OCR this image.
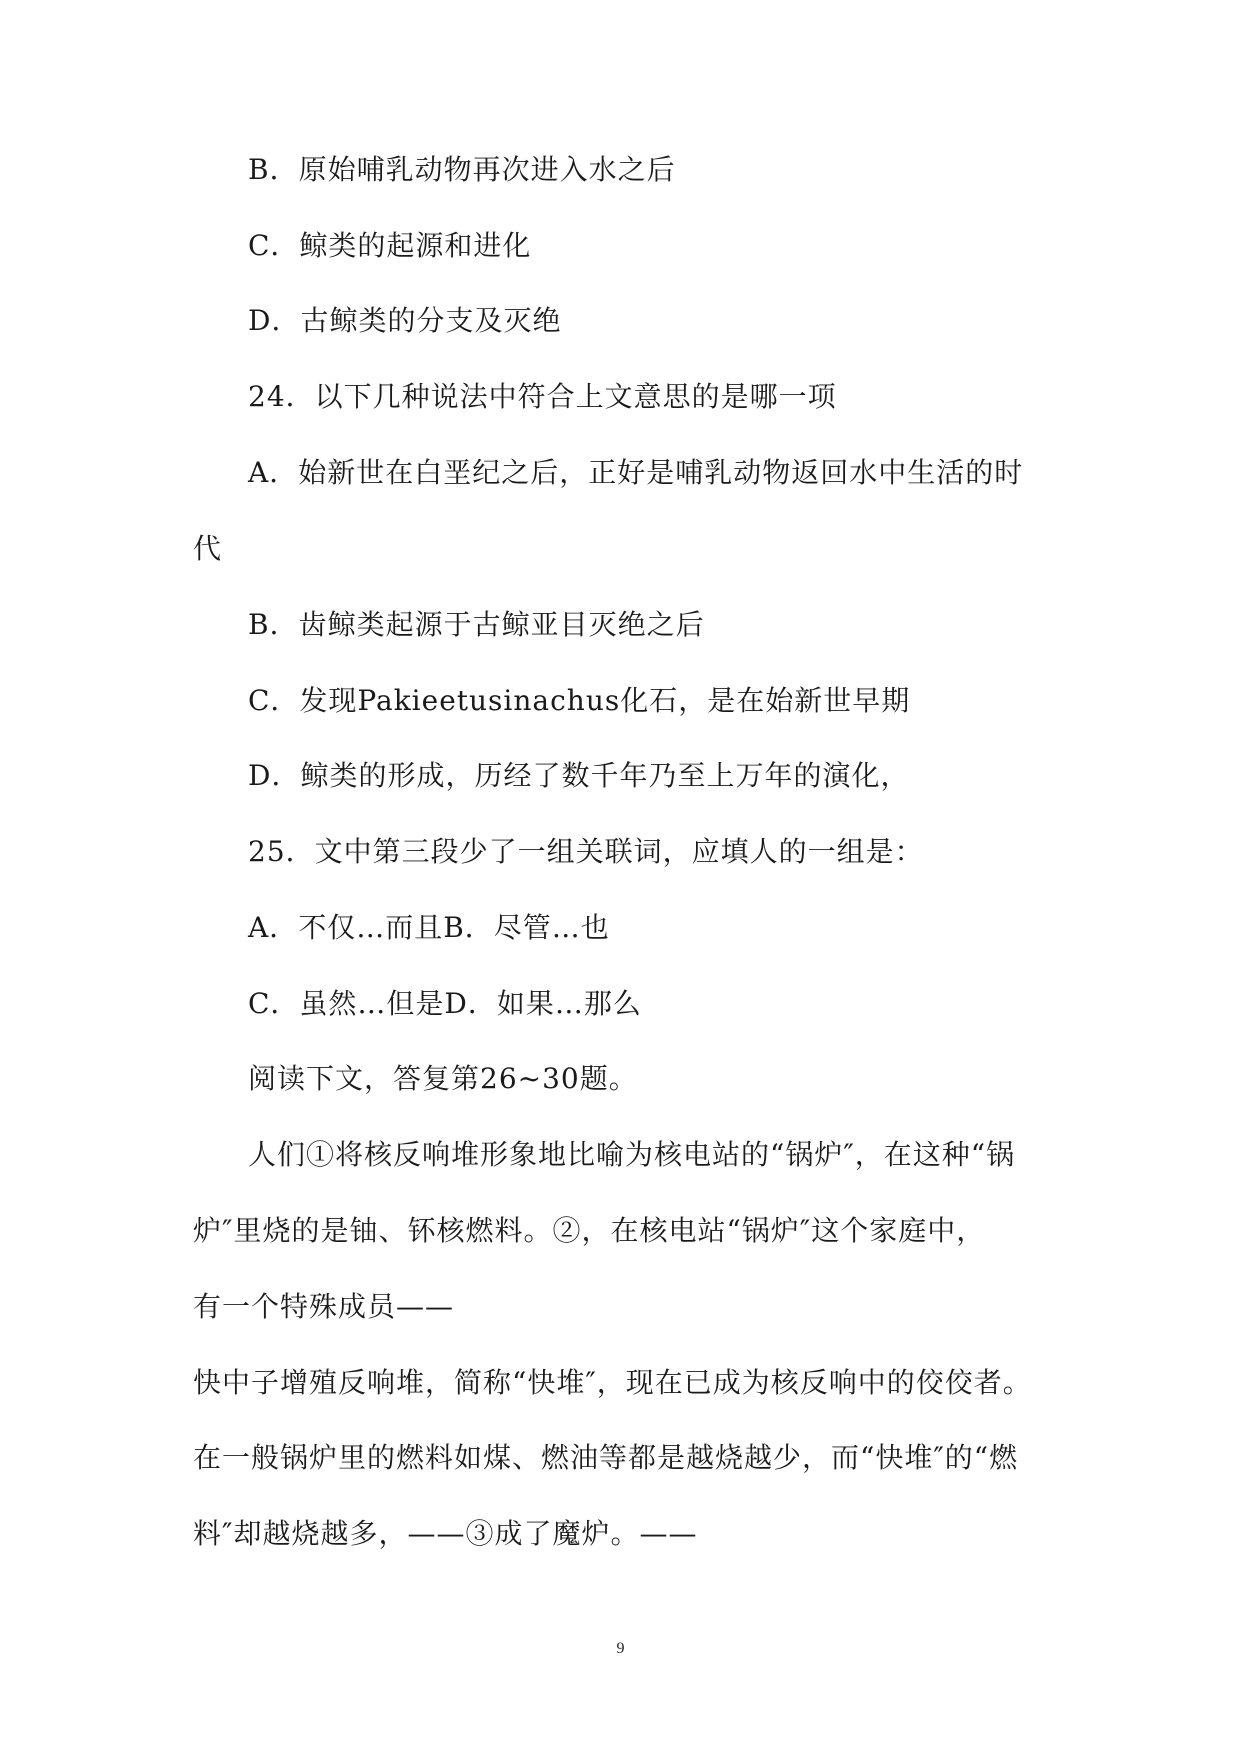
B．原始哺乳动物再次进入水之后
C．鲸类的起源和进化
D．古鲸类的分支及灭绝
24．以下几种说法中符合上文意思的是哪一项
A．始新世在白垩纪之后，正好是哺乳动物返回水中生活的时
代
B．齿鲸类起源于古鲸亚目灭绝之后
C．发现Pakieetusinachus化石，是在始新世早期
D．鲸类的形成，历经了数千年乃至上万年的演化，
25．文中第三段少了一组关联词，应填人的一组是：
A．不仅…而且B．尽管…也
C．虽然…但是D．如果…那么
阅读下文，答复第26~30题。
人们①将核反响堆形象地比喻为核电站的“锅炉″，在这种“锅
炉″里烧的是铀、钚核燃料。②，在核电站“锅炉″这个家庭中，
有一个特殊成员——
快中子增殖反响堆，简称“快堆″，现在已成为核反响中的佼佼者。
在一般锅炉里的燃料如煤、燃油等都是越烧越少，而“快堆″的“燃
料″却越烧越多，——③成了魔炉。——
9
